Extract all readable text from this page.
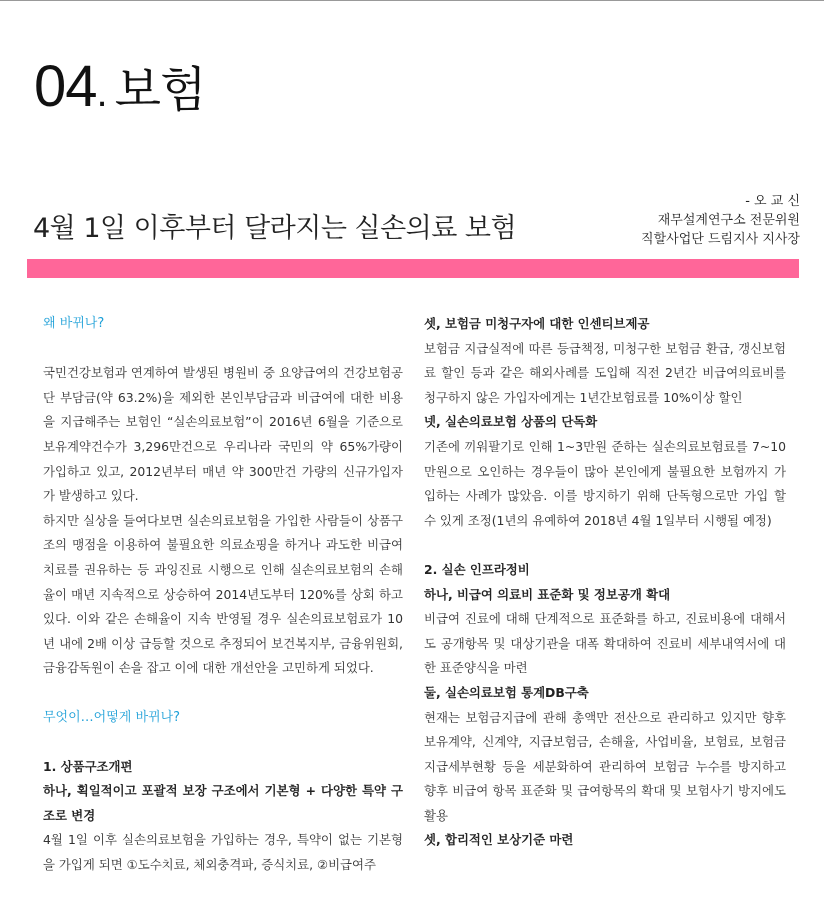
04. 보험
4월 1일 이후부터 달라지는 실손의료 보험
- 오 교 신
재무설계연구소 전문위원
직할사업단 드림지사 지사장

왜 바뀌나?

국민건강보험과 연계하여 발생된 병원비 중 요양급여의 건강보험공단 부담금(약 63.2%)을 제외한 본인부담금과 비급여에 대한 비용을 지급해주는 보험인 “실손의료보험”이 2016년 6월을 기준으로 보유계약건수가 3,296만건으로 우리나라 국민의 약 65%가량이 가입하고 있고, 2012년부터 매년 약 300만건 가량의 신규가입자가 발생하고 있다.

하지만 실상을 들여다보면 실손의료보험을 가입한 사람들이 상품구조의 맹점을 이용하여 불필요한 의료쇼핑을 하거나 과도한 비급여치료를 권유하는 등 과잉진료 시행으로 인해 실손의료보험의 손해율이 매년 지속적으로 상승하여 2014년도부터 120%를 상회 하고 있다. 이와 같은 손해율이 지속 반영될 경우 실손의료보험료가 10년 내에 2배 이상 급등할 것으로 추정되어 보건복지부, 금융위원회, 금융감독원이 손을 잡고 이에 대한 개선안을 고민하게 되었다.

무엇이…어떻게 바뀌나?

1. 상품구조개편

하나, 획일적이고 포괄적 보장 구조에서 기본형 + 다양한 특약 구조로 변경

4월 1일 이후 실손의료보험을 가입하는 경우, 특약이 없는 기본형을 가입게 되면 ①도수치료, 체외충격파, 증식치료, ②비급여주

셋, 보험금 미청구자에 대한 인센티브제공

보험금 지급실적에 따른 등급책정, 미청구한 보험금 환급, 갱신보험료 할인 등과 같은 해외사례를 도입해 직전 2년간 비급여의료비를 청구하지 않은 가입자에게는 1년간보험료를 10%이상 할인

넷, 실손의료보험 상품의 단독화

기존에 끼워팔기로 인해 1~3만원 준하는 실손의료보험료를 7~10만원으로 오인하는 경우들이 많아 본인에게 불필요한 보험까지 가입하는 사례가 많았음. 이를 방지하기 위해 단독형으로만 가입 할 수 있게 조정(1년의 유예하여 2018년 4월 1일부터 시행될 예정)

2. 실손 인프라정비

하나, 비급여 의료비 표준화 및 정보공개 확대

비급여 진료에 대해 단계적으로 표준화를 하고, 진료비용에 대해서도 공개항목 및 대상기관을 대폭 확대하여 진료비 세부내역서에 대한 표준양식을 마련

둘, 실손의료보험 통계DB구축

현재는 보험금지급에 관해 총액만 전산으로 관리하고 있지만 향후 보유계약, 신계약, 지급보험금, 손해율, 사업비율, 보험료, 보험금 지급세부현황 등을 세분화하여 관리하여 보험금 누수를 방지하고 향후 비급여 항목 표준화 및 급여항목의 확대 및 보험사기 방지에도 활용

셋, 합리적인 보상기준 마련
